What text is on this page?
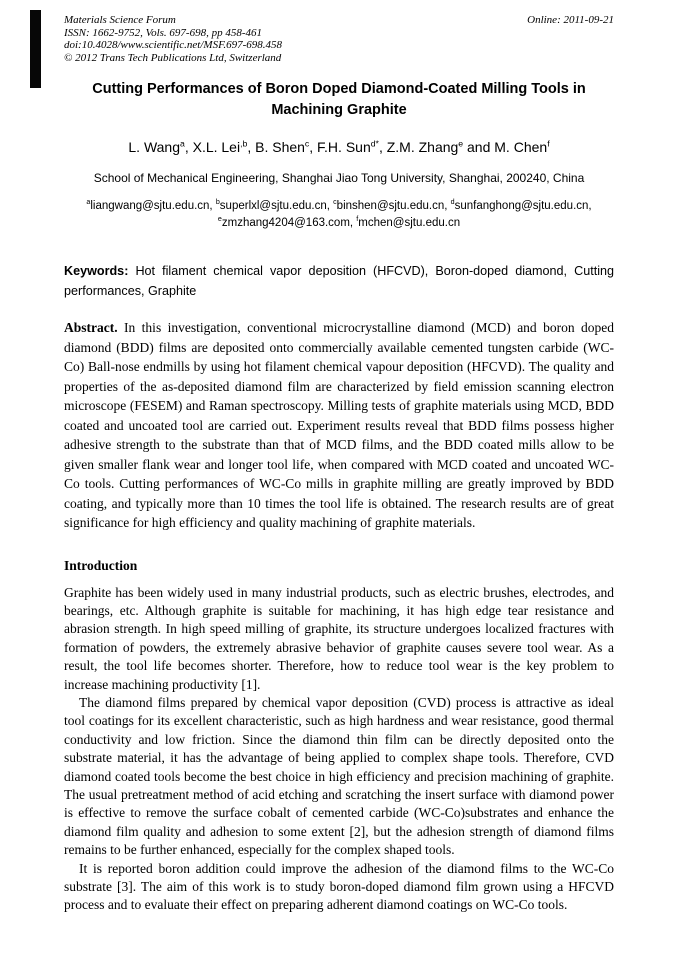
Materials Science Forum	Online: 2011-09-21
ISSN: 1662-9752, Vols. 697-698, pp 458-461
doi:10.4028/www.scientific.net/MSF.697-698.458
© 2012 Trans Tech Publications Ltd, Switzerland
Cutting Performances of Boron Doped Diamond-Coated Milling Tools in Machining Graphite
L. Wang$^a$, X.L. Lei$^{,b}$, B. Shen$^c$, F.H. Sun$^{d*}$, Z.M. Zhang$^e$ and M. Chen$^f$
School of Mechanical Engineering, Shanghai Jiao Tong University, Shanghai, 200240, China
$^a$liangwang@sjtu.edu.cn, $^b$superlxl@sjtu.edu.cn, $^c$binshen@sjtu.edu.cn, $^d$sunfanghong@sjtu.edu.cn,
$^e$zmzhang4204@163.com, $^f$mchen@sjtu.edu.cn

Keywords: Hot filament chemical vapor deposition (HFCVD), Boron-doped diamond, Cutting performances, Graphite

Abstract. In this investigation, conventional microcrystalline diamond (MCD) and boron doped diamond (BDD) films are deposited onto commercially available cemented tungsten carbide (WC-Co) Ball-nose endmills by using hot filament chemical vapour deposition (HFCVD). The quality and properties of the as-deposited diamond film are characterized by field emission scanning electron microscope (FESEM) and Raman spectroscopy. Milling tests of graphite materials using MCD, BDD coated and uncoated tool are carried out. Experiment results reveal that BDD films possess higher adhesive strength to the substrate than that of MCD films, and the BDD coated mills allow to be given smaller flank wear and longer tool life, when compared with MCD coated and uncoated WC-Co tools. Cutting performances of WC-Co mills in graphite milling are greatly improved by BDD coating, and typically more than 10 times the tool life is obtained. The research results are of great significance for high efficiency and quality machining of graphite materials.

Introduction

Graphite has been widely used in many industrial products, such as electric brushes, electrodes, and bearings, etc. Although graphite is suitable for machining, it has high edge tear resistance and abrasion strength. In high speed milling of graphite, its structure undergoes localized fractures with formation of powders, the extremely abrasive behavior of graphite causes severe tool wear. As a result, the tool life becomes shorter. Therefore, how to reduce tool wear is the key problem to increase machining productivity [1].

The diamond films prepared by chemical vapor deposition (CVD) process is attractive as ideal tool coatings for its excellent characteristic, such as high hardness and wear resistance, good thermal conductivity and low friction. Since the diamond thin film can be directly deposited onto the substrate material, it has the advantage of being applied to complex shape tools. Therefore, CVD diamond coated tools become the best choice in high efficiency and precision machining of graphite. The usual pretreatment method of acid etching and scratching the insert surface with diamond power is effective to remove the surface cobalt of cemented carbide (WC-Co)substrates and enhance the diamond film quality and adhesion to some extent [2], but the adhesion strength of diamond films remains to be further enhanced, especially for the complex shaped tools.

It is reported boron addition could improve the adhesion of the diamond films to the WC-Co substrate [3]. The aim of this work is to study boron-doped diamond film grown using a HFCVD process and to evaluate their effect on preparing adherent diamond coatings on WC-Co tools.
